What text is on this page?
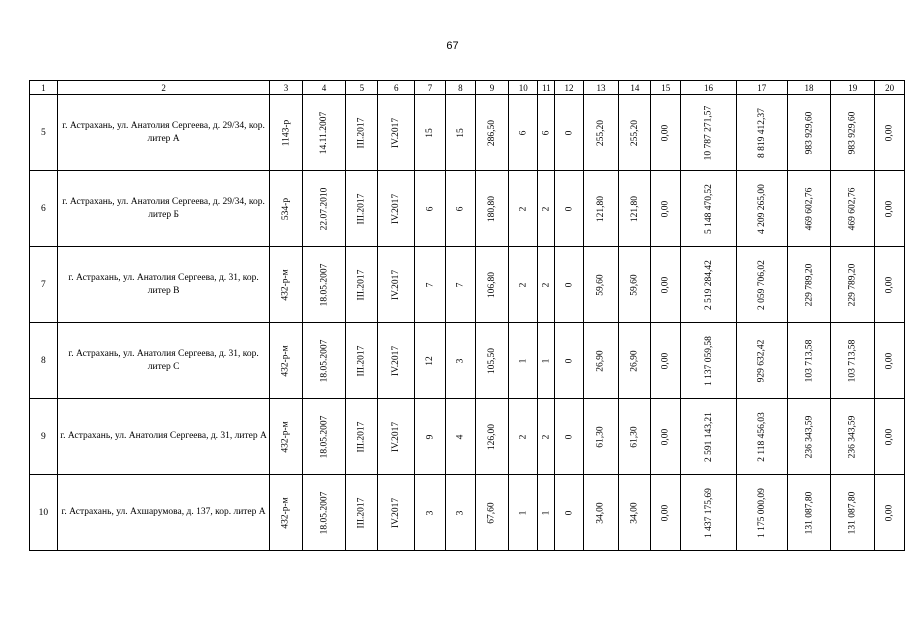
67
1	2	3	4	5	6	7	8	9	10	11	12	13	14	15	16	17	18	19	20
5	г. Астрахань, ул. Анатолия Сергеева, д. 29/34, кор. литер А	1143-р	14.11.2007	III.2017	IV.2017	15	15	286,50	6	6	0	255,20	255,20	0,00	10 787 271,57	8 819 412,37	983 929,60	983 929,60	0,00
6	г. Астрахань, ул. Анатолия Сергеева, д. 29/34, кор. литер Б	534-р	22.07.2010	III.2017	IV.2017	6	6	180,80	2	2	0	121,80	121,80	0,00	5 148 470,52	4 209 265,00	469 602,76	469 602,76	0,00
7	г. Астрахань, ул. Анатолия Сергеева, д. 31, кор. литер В	432-р-м	18.05.2007	III.2017	IV.2017	7	7	106,80	2	2	0	59,60	59,60	0,00	2 519 284,42	2 059 706,02	229 789,20	229 789,20	0,00
8	г. Астрахань, ул. Анатолия Сергеева, д. 31, кор. литер С	432-р-м	18.05.2007	III.2017	IV.2017	12	3	105,50	1	1	0	26,90	26,90	0,00	1 137 059,58	929 632,42	103 713,58	103 713,58	0,00
9	г. Астрахань, ул. Анатолия Сергеева, д. 31, литер А	432-р-м	18.05.2007	III.2017	IV.2017	9	4	126,00	2	2	0	61,30	61,30	0,00	2 591 143,21	2 118 456,03	236 343,59	236 343,59	0,00
10	г. Астрахань, ул. Ахшарумова, д. 137, кор. литер А	432-р-м	18.05.2007	III.2017	IV.2017	3	3	67,60	1	1	0	34,00	34,00	0,00	1 437 175,69	1 175 000,09	131 087,80	131 087,80	0,00
